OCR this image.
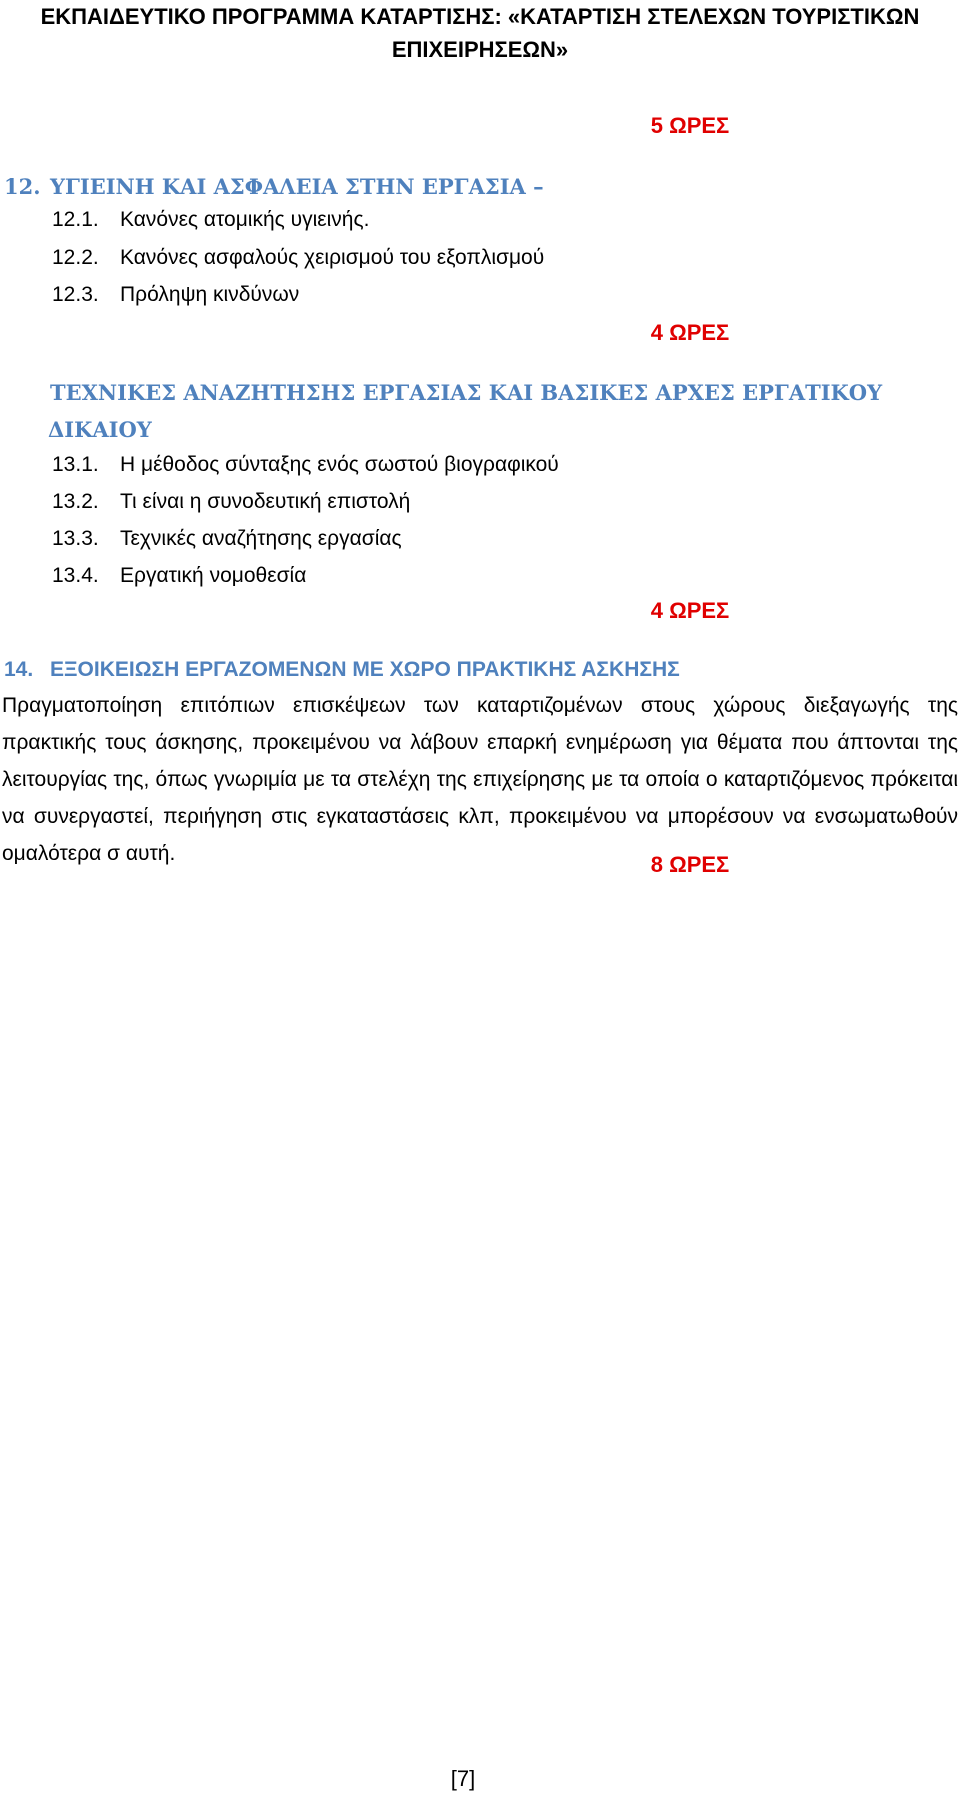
ΕΚΠΑΙΔΕΥΤΙΚΟ ΠΡΟΓΡΑΜΜΑ ΚΑΤΑΡΤΙΣΗΣ: «ΚΑΤΑΡΤΙΣΗ ΣΤΕΛΕΧΩΝ ΤΟΥΡΙΣΤΙΚΩΝ
ΕΠΙΧΕΙΡΗΣΕΩΝ»
5 ΩΡΕΣ
12. ΥΓΙΕΙΝΗ ΚΑΙ ΑΣΦΑΛΕΙΑ ΣΤΗΝ ΕΡΓΑΣΙΑ –
12.1. Κανόνες ατομικής υγιεινής.
12.2. Κανόνες ασφαλούς χειρισμού του εξοπλισμού
12.3. Πρόληψη κινδύνων
4 ΩΡΕΣ
ΤΕΧΝΙΚΕΣ ΑΝΑΖΗΤΗΣΗΣ ΕΡΓΑΣΙΑΣ ΚΑΙ ΒΑΣΙΚΕΣ ΑΡΧΕΣ ΕΡΓΑΤΙΚΟΥ ΔΙΚΑΙΟΥ
13.1. Η μέθοδος σύνταξης ενός σωστού βιογραφικού
13.2. Τι είναι η συνοδευτική επιστολή
13.3. Τεχνικές αναζήτησης εργασίας
13.4. Εργατική νομοθεσία
4 ΩΡΕΣ
14. ΕΞΟΙΚΕΙΩΣΗ ΕΡΓΑΖΟΜΕΝΩΝ ΜΕ ΧΩΡΟ ΠΡΑΚΤΙΚΗΣ ΑΣΚΗΣΗΣ
Πραγματοποίηση επιτόπιων επισκέψεων των καταρτιζομένων στους χώρους διεξαγωγής της πρακτικής τους άσκησης, προκειμένου να λάβουν επαρκή ενημέρωση για θέματα που άπτονται της λειτουργίας της, όπως γνωριμία με τα στελέχη της επιχείρησης με τα οποία ο καταρτιζόμενος πρόκειται να συνεργαστεί, περιήγηση στις εγκαταστάσεις κλπ, προκειμένου να μπορέσουν να ενσωματωθούν ομαλότερα σ αυτή.	8 ΩΡΕΣ
[7]
